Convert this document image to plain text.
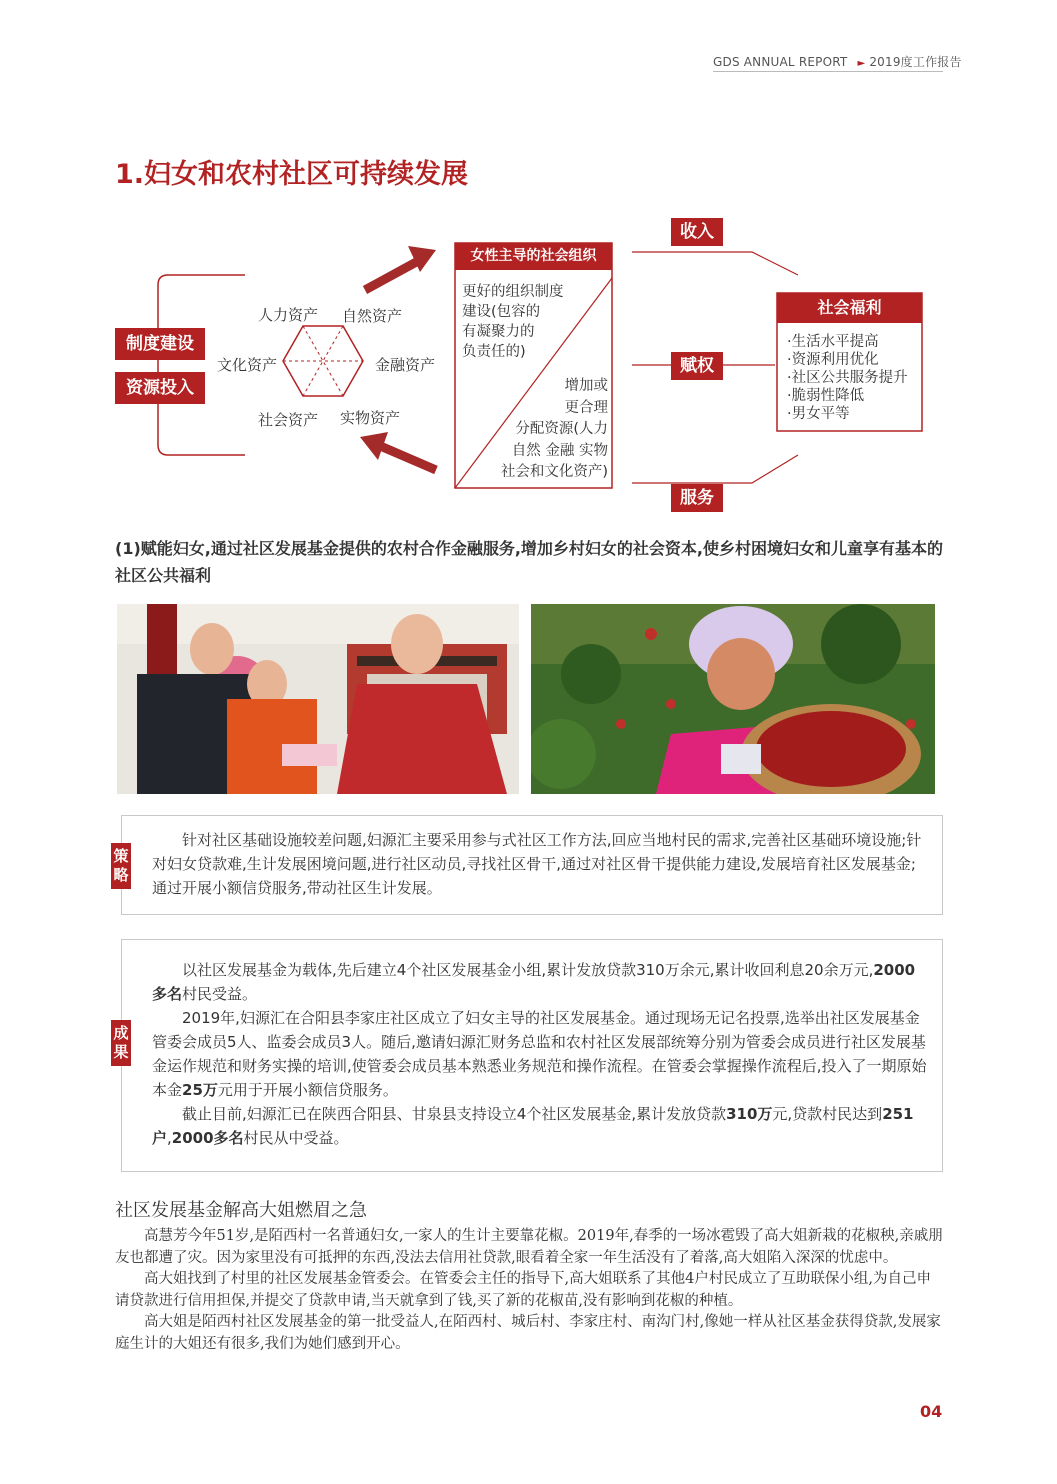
GDS ANNUAL REPORT ► 2019度工作报告
1.妇女和农村社区可持续发展
制度建设
资源投入
人力资产 自然资产
文化资产	金融资产
社会资产 实物资产
女性主导的社会组织
更好的组织制度
建设(包容的
有凝聚力的
负责任的)
增加或
更合理
分配资源(人力
自然 金融 实物
社会和文化资产)
收入
赋权
服务
社会福利
·生活水平提高
·资源利用优化
·社区公共服务提升
·脆弱性降低
·男女平等
(1)赋能妇女,通过社区发展基金提供的农村合作金融服务,增加乡村妇女的社会资本,使乡村困境妇女和儿童享有基本的社区公共福利

针对社区基础设施较差问题,妇源汇主要采用参与式社区工作方法,回应当地村民的需求,完善社区基础环境设施;针对妇女贷款难,生计发展困境问题,进行社区动员,寻找社区骨干,通过对社区骨干提供能力建设,发展培育社区发展基金;通过开展小额信贷服务,带动社区生计发展。

策
略

以社区发展基金为载体,先后建立4个社区发展基金小组,累计发放贷款310万余元,累计收回利息20余万元,2000多名村民受益。

2019年,妇源汇在合阳县李家庄社区成立了妇女主导的社区发展基金。通过现场无记名投票,选举出社区发展基金管委会成员5人、监委会成员3人。随后,邀请妇源汇财务总监和农村社区发展部统筹分别为管委会成员进行社区发展基金运作规范和财务实操的培训,使管委会成员基本熟悉业务规范和操作流程。在管委会掌握操作流程后,投入了一期原始本金25万元用于开展小额信贷服务。

截止目前,妇源汇已在陕西合阳县、甘泉县支持设立4个社区发展基金,累计发放贷款310万元,贷款村民达到251户,2000多名村民从中受益。

成
果
社区发展基金解高大姐燃眉之急

高慧芳今年51岁,是陌西村一名普通妇女,一家人的生计主要靠花椒。2019年,春季的一场冰雹毁了高大姐新栽的花椒秧,亲戚朋友也都遭了灾。因为家里没有可抵押的东西,没法去信用社贷款,眼看着全家一年生活没有了着落,高大姐陷入深深的忧虑中。

高大姐找到了村里的社区发展基金管委会。在管委会主任的指导下,高大姐联系了其他4户村民成立了互助联保小组,为自己申请贷款进行信用担保,并提交了贷款申请,当天就拿到了钱,买了新的花椒苗,没有影响到花椒的种植。

高大姐是陌西村社区发展基金的第一批受益人,在陌西村、城后村、李家庄村、南沟门村,像她一样从社区基金获得贷款,发展家庭生计的大姐还有很多,我们为她们感到开心。

04
